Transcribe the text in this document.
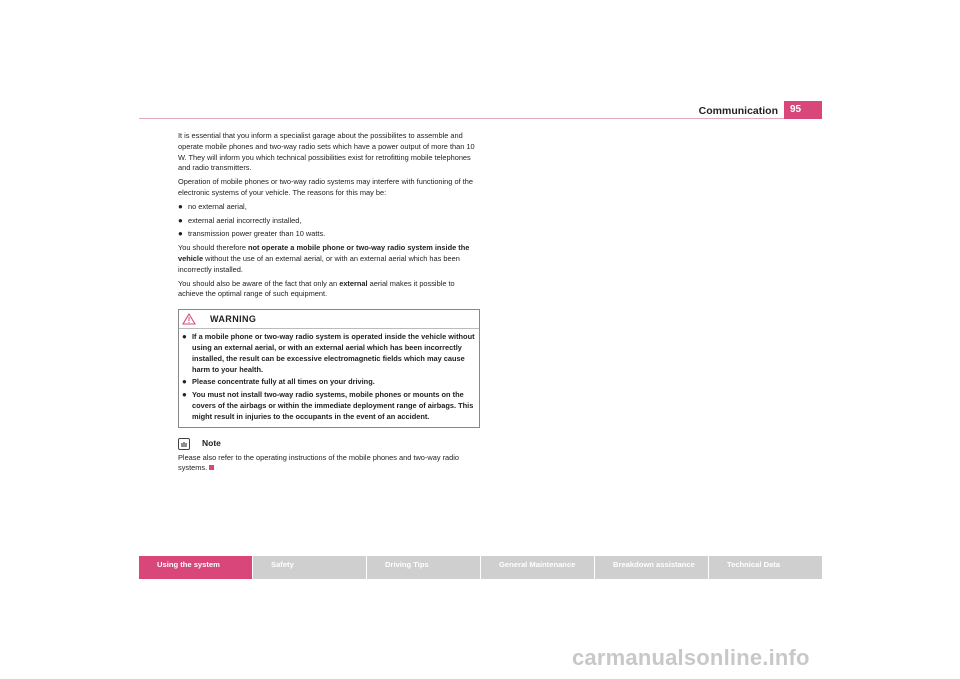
Communication	95

It is essential that you inform a specialist garage about the possibilites to assemble and operate mobile phones and two-way radio sets which have a power output of more than 10 W. They will inform you which technical possibilities exist for retrofitting mobile telephones and radio transmitters.

Operation of mobile phones or two-way radio systems may interfere with functioning of the electronic systems of your vehicle. The reasons for this may be:

● no external aerial,
● external aerial incorrectly installed,
● transmission power greater than 10 watts.

You should therefore not operate a mobile phone or two-way radio system inside the vehicle without the use of an external aerial, or with an external aerial which has been incorrectly installed.

You should also be aware of the fact that only an external aerial makes it possible to achieve the optimal range of such equipment.

WARNING
● If a mobile phone or two-way radio system is operated inside the vehicle without using an external aerial, or with an external aerial which has been incorrectly installed, the result can be excessive electromagnetic fields which may cause harm to your health.
● Please concentrate fully at all times on your driving.
● You must not install two-way radio systems, mobile phones or mounts on the covers of the airbags or within the immediate deployment range of airbags. This might result in injuries to the occupants in the event of an accident.
Note

Please also refer to the operating instructions of the mobile phones and two-way radio systems.

Using the system	Safety	Driving Tips	General Maintenance	Breakdown assistance	Technical Data
carmanualsonline.info
